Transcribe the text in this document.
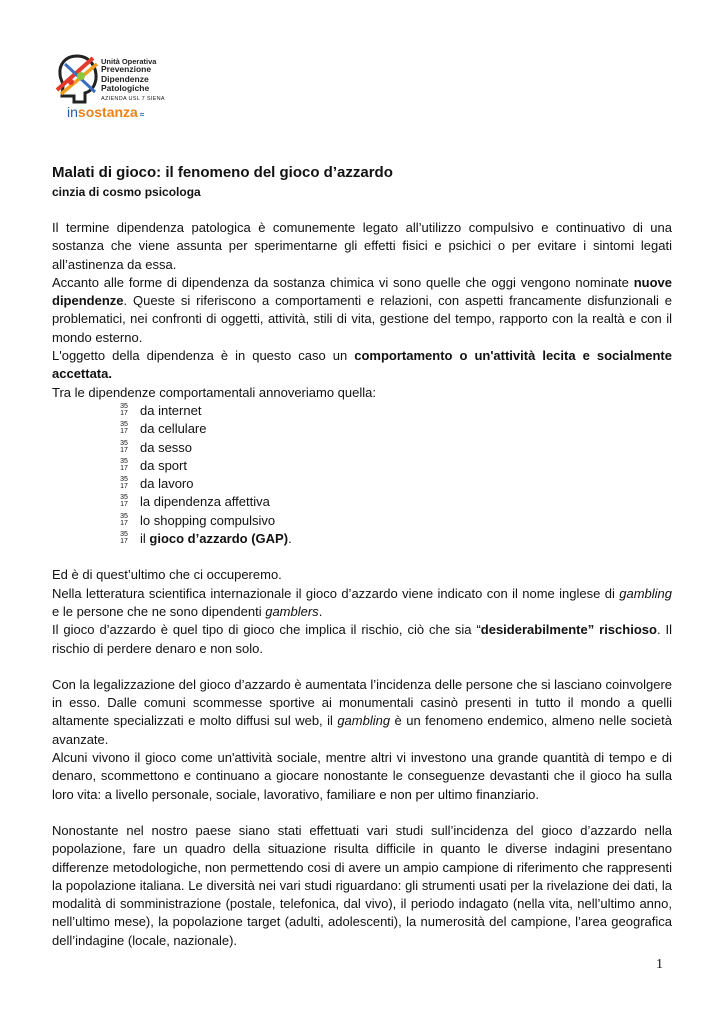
Unità Operativa
Prevenzione
Dipendenze
Patologiche
AZIENDA USL 7 SIENA
insostanza ≈
Malati di gioco: il fenomeno del gioco d’azzardo
cinzia di cosmo psicologa

Il termine dipendenza patologica è comunemente legato all’utilizzo compulsivo e continuativo di una sostanza che viene assunta per sperimentarne gli effetti fisici e psichici o per evitare i sintomi legati all’astinenza da essa.

Accanto alle forme di dipendenza da sostanza chimica vi sono quelle che oggi vengono nominate nuove dipendenze. Queste si riferiscono a comportamenti e relazioni, con aspetti francamente disfunzionali e problematici, nei confronti di oggetti, attività, stili di vita, gestione del tempo, rapporto con la realtà e con il mondo esterno.

L'oggetto della dipendenza è in questo caso un comportamento o un'attività lecita e socialmente accettata.

Tra le dipendenze comportamentali annoveriamo quella:

35
17 da internet
35
17 da cellulare
35
17 da sesso
35
17 da sport
35
17 da lavoro
35
17 la dipendenza affettiva
35
17 lo shopping compulsivo
35
17 il gioco d’azzardo (GAP).

Ed è di quest’ultimo che ci occuperemo.

Nella letteratura scientifica internazionale il gioco d’azzardo viene indicato con il nome inglese di gambling e le persone che ne sono dipendenti gamblers.

Il gioco d’azzardo è quel tipo di gioco che implica il rischio, ciò che sia “desiderabilmente” rischioso. Il rischio di perdere denaro e non solo.

Con la legalizzazione del gioco d’azzardo è aumentata l’incidenza delle persone che si lasciano coinvolgere in esso. Dalle comuni scommesse sportive ai monumentali casinò presenti in tutto il mondo a quelli altamente specializzati e molto diffusi sul web, il gambling è un fenomeno endemico, almeno nelle società avanzate.

Alcuni vivono il gioco come un'attività sociale, mentre altri vi investono una grande quantità di tempo e di denaro, scommettono e continuano a giocare nonostante le conseguenze devastanti che il gioco ha sulla loro vita: a livello personale, sociale, lavorativo, familiare e non per ultimo finanziario.

Nonostante nel nostro paese siano stati effettuati vari studi sull’incidenza del gioco d’azzardo nella popolazione, fare un quadro della situazione risulta difficile in quanto le diverse indagini presentano differenze metodologiche, non permettendo cosi di avere un ampio campione di riferimento che rappresenti la popolazione italiana. Le diversità nei vari studi riguardano: gli strumenti usati per la rivelazione dei dati, la modalità di somministrazione (postale, telefonica, dal vivo), il periodo indagato (nella vita, nell’ultimo anno, nell’ultimo mese), la popolazione target (adulti, adolescenti), la numerosità del campione, l’area geografica dell’indagine (locale, nazionale).

1
